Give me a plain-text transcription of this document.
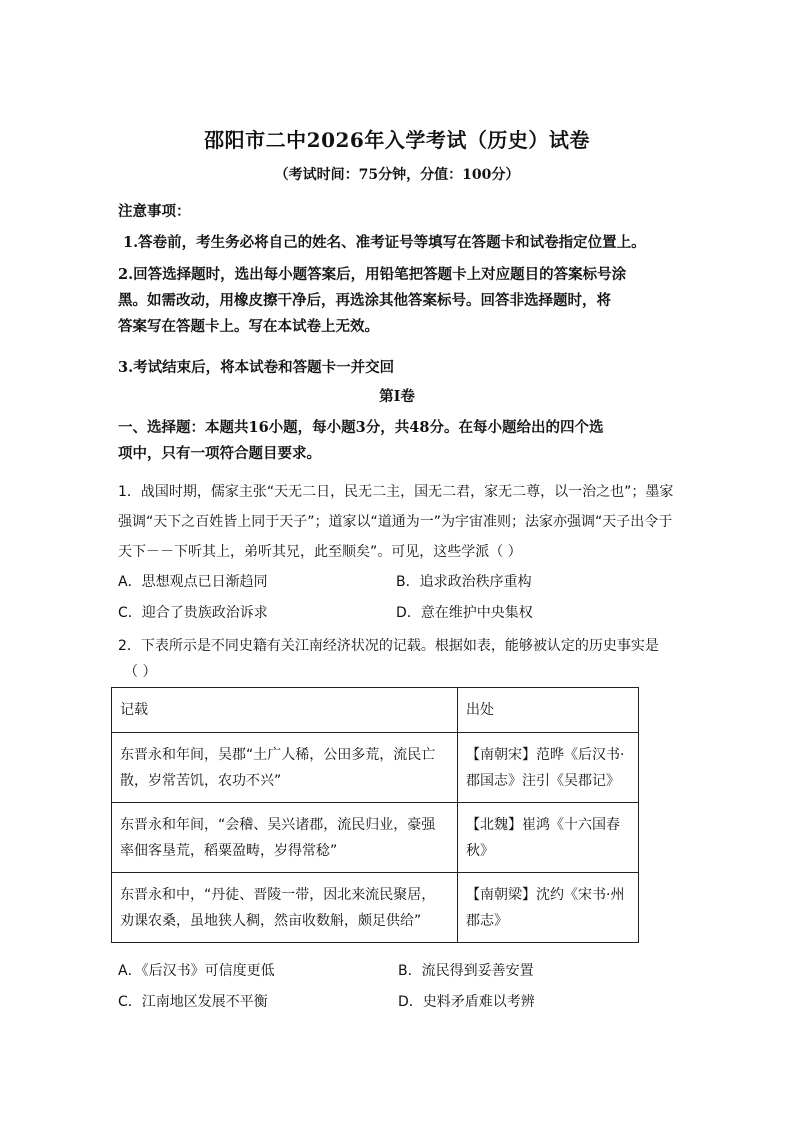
邵阳市二中2026年入学考试（历史）试卷
（考试时间：75分钟，分值：100分）
注意事项：
1.答卷前，考生务必将自己的姓名、准考证号等填写在答题卡和试卷指定位置上。
2.回答选择题时，选出每小题答案后，用铅笔把答题卡上对应题目的答案标号涂
黑。如需改动，用橡皮擦干净后，再选涂其他答案标号。回答非选择题时，将
答案写在答题卡上。写在本试卷上无效。
3.考试结束后，将本试卷和答题卡一并交回
第I卷
一、选择题：本题共16小题，每小题3分，共48分。在每小题给出的四个选
项中，只有一项符合题目要求。
1．战国时期，儒家主张“天无二日，民无二主，国无二君，家无二尊，以一治之也”；墨家
强调“天下之百姓皆上同于天子”；道家以“道通为一”为宇宙准则；法家亦强调“天子出令于
天下－－下听其上，弟听其兄，此至顺矣”。可见，这些学派（ ）
A．思想观点已日渐趋同	B．追求政治秩序重构
C．迎合了贵族政治诉求	D．意在维护中央集权
2．下表所示是不同史籍有关江南经济状况的记载。根据如表，能够被认定的历史事实是
（ ）
记载	出处
东晋永和年间，吴郡“土广人稀，公田多荒，流民亡散，岁常苦饥，农功不兴”	【南朝宋】范晔《后汉书·郡国志》注引《吴郡记》
东晋永和年间，“会稽、吴兴诸郡，流民归业，豪强率佃客垦荒，稻粟盈畴，岁得常稔”	【北魏】崔鸿《十六国春秋》
东晋永和中，“丹徒、晋陵一带，因北来流民聚居，劝课农桑，虽地狭人稠，然亩收数斛，颇足供给”	【南朝梁】沈约《宋书·州郡志》
A．《后汉书》可信度更低	B．流民得到妥善安置
C．江南地区发展不平衡	D．史料矛盾难以考辨
